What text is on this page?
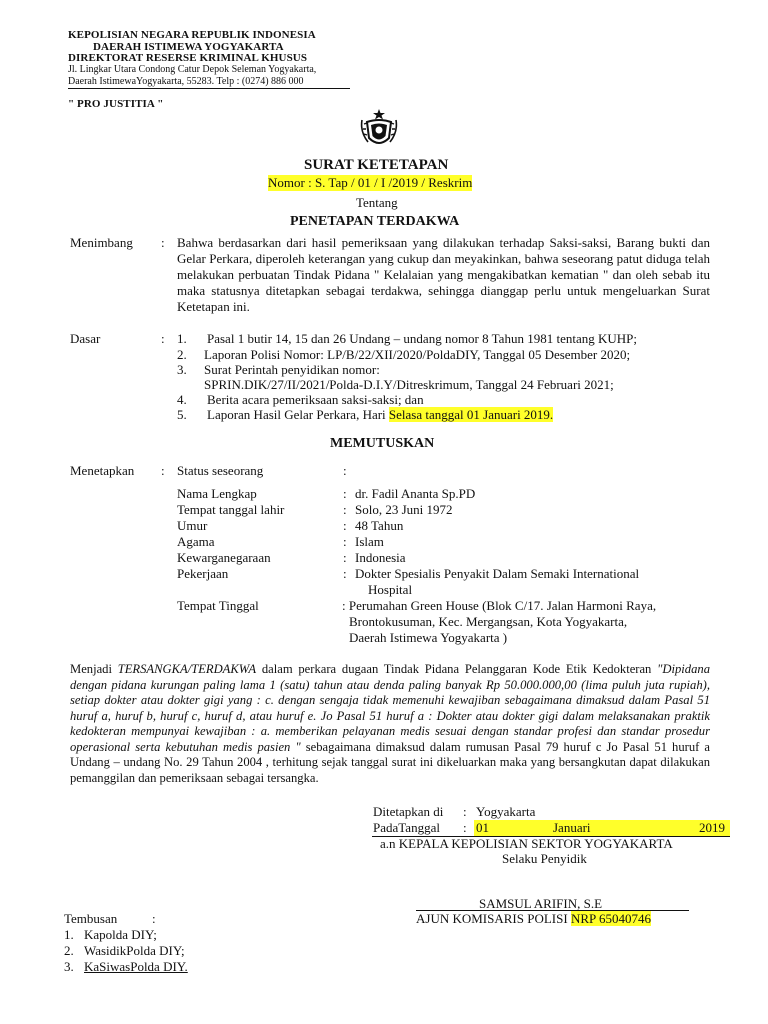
KEPOLISIAN NEGARA REPUBLIK INDONESIA
DAERAH ISTIMEWA YOGYAKARTA
DIREKTORAT RESERSE KRIMINAL KHUSUS
Jl. Lingkar Utara Condong Catur Depok Seleman Yogyakarta,
Daerah IstimewaYogyakarta, 55283. Telp : (0274) 886 000
" PRO JUSTITIA "
SURAT KETETAPAN
Nomor : S. Tap / 01 / I /2019 / Reskrim
Tentang
PENETAPAN TERDAKWA
Menimbang : Bahwa berdasarkan dari hasil pemeriksaan yang dilakukan terhadap Saksi-saksi, Barang bukti dan Gelar Perkara, diperoleh keterangan yang cukup dan meyakinkan, bahwa seseorang patut diduga telah melakukan perbuatan Tindak Pidana " Kelalaian yang mengakibatkan kematian " dan oleh sebab itu maka statusnya ditetapkan sebagai terdakwa, sehingga dianggap perlu untuk mengeluarkan Surat Ketetapan ini.
Dasar	: 1. Pasal 1 butir 14, 15 dan 26 Undang – undang nomor 8 Tahun 1981 tentang KUHP;
2. Laporan Polisi Nomor: LP/B/22/XII/2020/PoldaDIY, Tanggal 05 Desember 2020;
3. Surat Perintah penyidikan nomor:
SPRIN.DIK/27/II/2021/Polda-D.I.Y/Ditreskrimum, Tanggal 24 Februari 2021;
4. Berita acara pemeriksaan saksi-saksi; dan
5. Laporan Hasil Gelar Perkara, Hari Selasa tanggal 01 Januari 2019.
MEMUTUSKAN
Menetapkan : Status seseorang	:
Nama Lengkap	: dr. Fadil Ananta Sp.PD
Tempat tanggal lahir	: Solo, 23 Juni 1972
Umur	: 48 Tahun
Agama	: Islam
Kewarganegaraan	: Indonesia
Pekerjaan	: Dokter Spesialis Penyakit Dalam Semaki International
Hospital
Tempat Tinggal	: Perumahan Green House (Blok C/17. Jalan Harmoni Raya,
Brontokusuman, Kec. Mergangsan, Kota Yogyakarta,
Daerah Istimewa Yogyakarta )
Menjadi TERSANGKA/TERDAKWA dalam perkara dugaan Tindak Pidana Pelanggaran Kode Etik Kedokteran "Dipidana dengan pidana kurungan paling lama 1 (satu) tahun atau denda paling banyak Rp 50.000.000,00 (lima puluh juta rupiah), setiap dokter atau dokter gigi yang : c. dengan sengaja tidak memenuhi kewajiban sebagaimana dimaksud dalam Pasal 51 huruf a, huruf b, huruf c, huruf d, atau huruf e. Jo Pasal 51 huruf a : Dokter atau dokter gigi dalam melaksanakan praktik kedokteran mempunyai kewajiban : a. memberikan pelayanan medis sesuai dengan standar profesi dan standar prosedur operasional serta kebutuhan medis pasien " sebagaimana dimaksud dalam rumusan Pasal 79 huruf c Jo Pasal 51 huruf a Undang – undang No. 29 Tahun 2004 , terhitung sejak tanggal surat ini dikeluarkan maka yang bersangkutan dapat dilakukan pemanggilan dan pemeriksaan sebagai tersangka.
Ditetapkan di : Yogyakarta
PadaTanggal : 01	Januari	2019
a.n KEPALA KEPOLISIAN SEKTOR YOGYAKARTA
Selaku Penyidik
SAMSUL ARIFIN, S.E
AJUN KOMISARIS POLISI NRP 65040746
Tembusan	:
1. Kapolda DIY;
2. WasidikPolda DIY;
3. KaSiwasPolda DIY.
